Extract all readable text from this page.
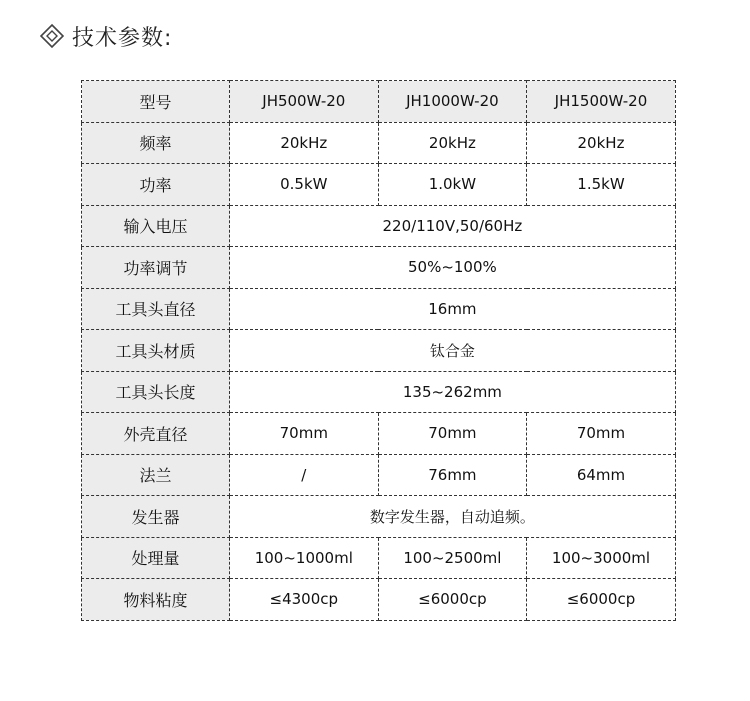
技术参数:
型号	JH500W-20	JH1000W-20	JH1500W-20
频率	20kHz	20kHz	20kHz
功率	0.5kW	1.0kW	1.5kW
输入电压	220/110V,50/60Hz		
功率调节	50%~100%		
工具头直径	16mm		
工具头材质	钛合金		
工具头长度	135~262mm		
外壳直径	70mm	70mm	70mm
法兰	/	76mm	64mm
发生器	数字发生器，自动追频。		
处理量	100~1000ml	100~2500ml	100~3000ml
物料粘度	≤4300cp	≤6000cp	≤6000cp
